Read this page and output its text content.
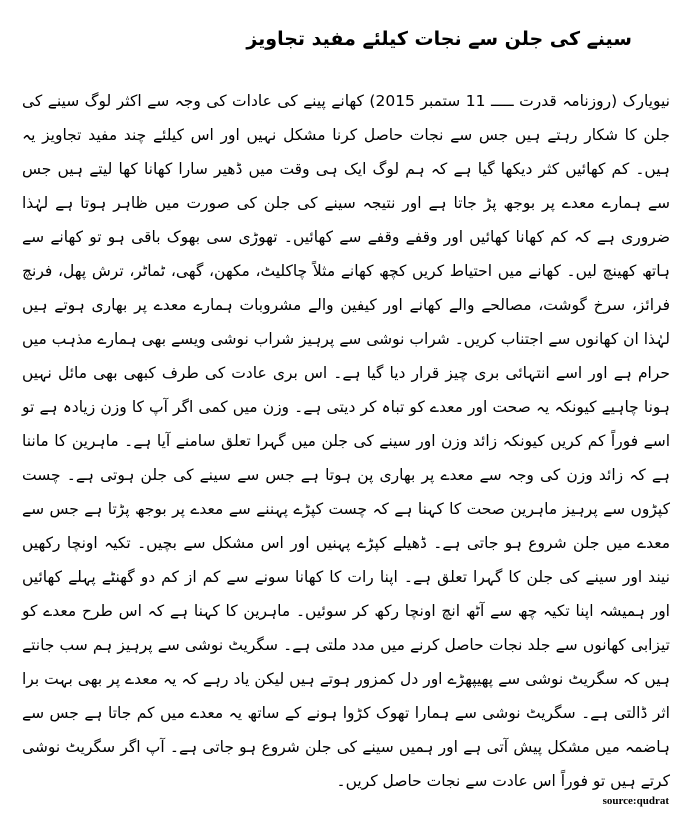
سینے کی جلن سے نجات کیلئے مفید تجاویز

نیویارک (روزنامہ قدرت ـــــ 11 ستمبر 2015) کھانے پینے کی عادات کی وجہ سے اکثر لوگ سینے کی جلن کا شکار رہتے ہیں جس سے نجات حاصل کرنا مشکل نہیں اور اس کیلئے چند مفید تجاویز یہ ہیں۔ کم کھائیں کثر دیکھا گیا ہے کہ ہم لوگ ایک ہی وقت میں ڈھیر سارا کھانا کھا لیتے ہیں جس سے ہمارے معدے پر بوجھ پڑ جاتا ہے اور نتیجہ سینے کی جلن کی صورت میں ظاہر ہوتا ہے لہٰذا ضروری ہے کہ کم کھانا کھائیں اور وقفے وقفے سے کھائیں۔ تھوڑی سی بھوک باقی ہو تو کھانے سے ہاتھ کھینچ لیں۔ کھانے میں احتیاط کریں کچھ کھانے مثلاً چاکلیٹ، مکھن، گھی، ٹماٹر، ترش پھل، فرنچ فرائز، سرخ گوشت، مصالحے والے کھانے اور کیفین والے مشروبات ہمارے معدے پر بھاری ہوتے ہیں لہٰذا ان کھانوں سے اجتناب کریں۔ شراب نوشی سے پرہیز شراب نوشی ویسے بھی ہمارے مذہب میں حرام ہے اور اسے انتہائی بری چیز قرار دیا گیا ہے۔ اس بری عادت کی طرف کبھی بھی مائل نہیں ہونا چاہیے کیونکہ یہ صحت اور معدے کو تباہ کر دیتی ہے۔ وزن میں کمی اگر آپ کا وزن زیادہ ہے تو اسے فوراً کم کریں کیونکہ زائد وزن اور سینے کی جلن میں گہرا تعلق سامنے آیا ہے۔ ماہرین کا ماننا ہے کہ زائد وزن کی وجہ سے معدے پر بھاری پن ہوتا ہے جس سے سینے کی جلن ہوتی ہے۔ چست کپڑوں سے پرہیز ماہرین صحت کا کہنا ہے کہ چست کپڑے پہننے سے معدے پر بوجھ پڑتا ہے جس سے معدے میں جلن شروع ہو جاتی ہے۔ ڈھیلے کپڑے پہنیں اور اس مشکل سے بچیں۔ تکیہ اونچا رکھیں نیند اور سینے کی جلن کا گہرا تعلق ہے۔ اپنا رات کا کھانا سونے سے کم از کم دو گھنٹے پہلے کھائیں اور ہمیشہ اپنا تکیہ چھ سے آٹھ انچ اونچا رکھ کر سوئیں۔ ماہرین کا کہنا ہے کہ اس طرح معدے کو تیزابی کھانوں سے جلد نجات حاصل کرنے میں مدد ملتی ہے۔ سگریٹ نوشی سے پرہیز ہم سب جانتے ہیں کہ سگریٹ نوشی سے پھیپھڑے اور دل کمزور ہوتے ہیں لیکن یاد رہے کہ یہ معدے پر بھی بہت برا اثر ڈالتی ہے۔ سگریٹ نوشی سے ہمارا تھوک کڑوا ہونے کے ساتھ یہ معدے میں کم جاتا ہے جس سے ہاضمہ میں مشکل پیش آتی ہے اور ہمیں سینے کی جلن شروع ہو جاتی ہے۔ آپ اگر سگریٹ نوشی کرتے ہیں تو فوراً اس عادت سے نجات حاصل کریں۔

source:qudrat
